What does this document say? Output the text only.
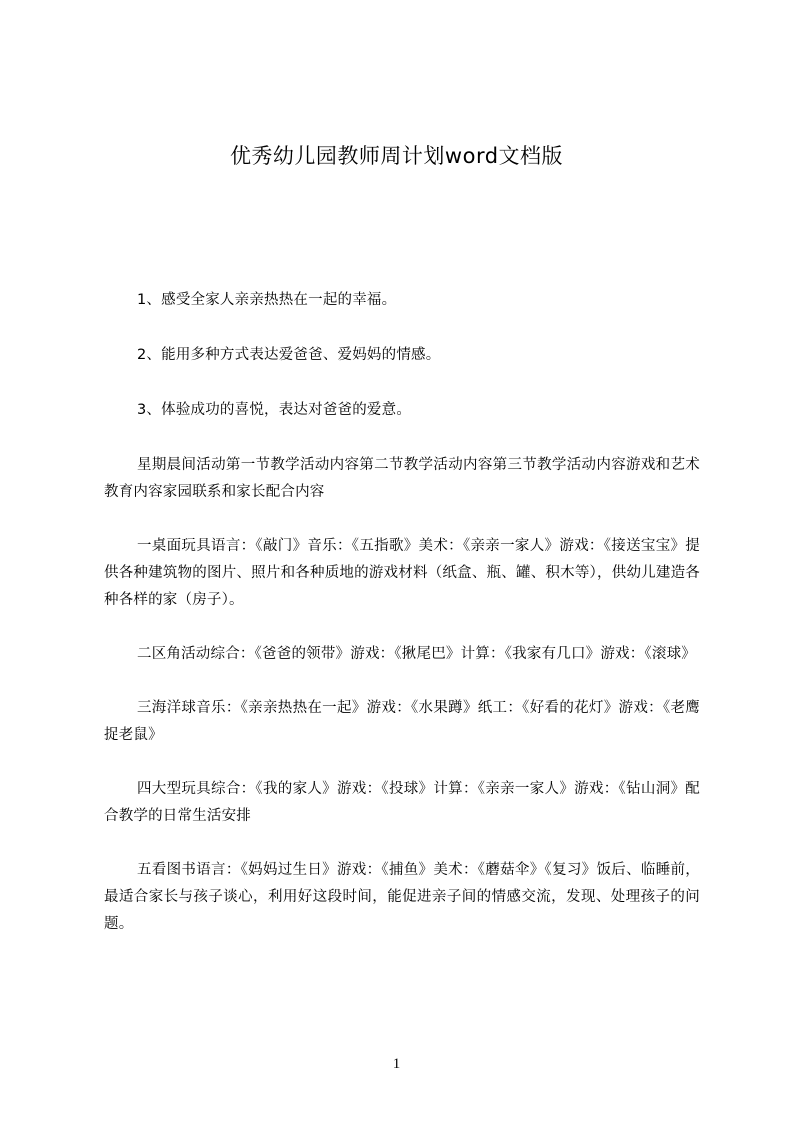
优秀幼儿园教师周计划word文档版

1、感受全家人亲亲热热在一起的幸福。

2、能用多种方式表达爱爸爸、爱妈妈的情感。

3、体验成功的喜悦，表达对爸爸的爱意。

星期晨间活动第一节教学活动内容第二节教学活动内容第三节教学活动内容游戏和艺术教育内容家园联系和家长配合内容

一桌面玩具语言：《敲门》音乐：《五指歌》美术：《亲亲一家人》游戏：《接送宝宝》提供各种建筑物的图片、照片和各种质地的游戏材料（纸盒、瓶、罐、积木等），供幼儿建造各种各样的家（房子）。

二区角活动综合：《爸爸的领带》游戏：《揪尾巴》计算：《我家有几口》游戏：《滚球》

三海洋球音乐：《亲亲热热在一起》游戏：《水果蹲》纸工：《好看的花灯》游戏：《老鹰捉老鼠》

四大型玩具综合：《我的家人》游戏：《投球》计算：《亲亲一家人》游戏：《钻山洞》配合教学的日常生活安排

五看图书语言：《妈妈过生日》游戏：《捕鱼》美术：《蘑菇伞》《复习》饭后、临睡前，最适合家长与孩子谈心，利用好这段时间，能促进亲子间的情感交流，发现、处理孩子的问题。

1
